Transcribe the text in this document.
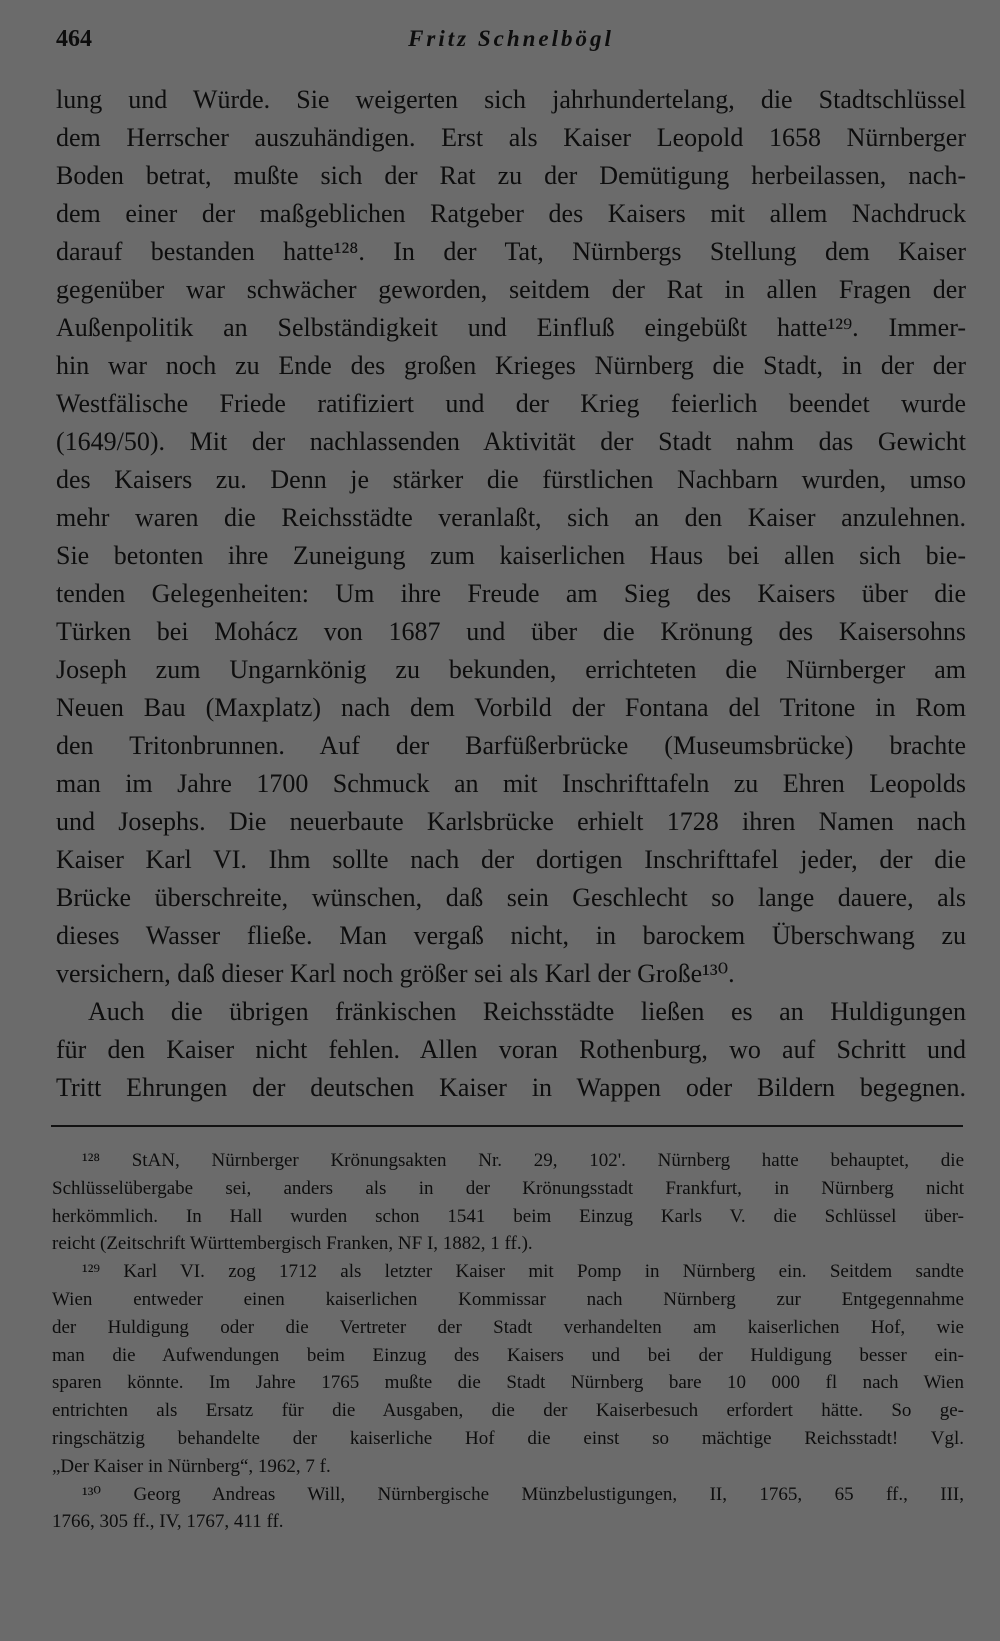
464	Fritz Schnelbögl
lung und Würde. Sie weigerten sich jahrhundertelang, die Stadtschlüssel
dem Herrscher auszuhändigen. Erst als Kaiser Leopold 1658 Nürnberger
Boden betrat, mußte sich der Rat zu der Demütigung herbeilassen, nach-
dem einer der maßgeblichen Ratgeber des Kaisers mit allem Nachdruck
darauf bestanden hatte¹²⁸. In der Tat, Nürnbergs Stellung dem Kaiser
gegenüber war schwächer geworden, seitdem der Rat in allen Fragen der
Außenpolitik an Selbständigkeit und Einfluß eingebüßt hatte¹²⁹. Immer-
hin war noch zu Ende des großen Krieges Nürnberg die Stadt, in der der
Westfälische Friede ratifiziert und der Krieg feierlich beendet wurde
(1649/50). Mit der nachlassenden Aktivität der Stadt nahm das Gewicht
des Kaisers zu. Denn je stärker die fürstlichen Nachbarn wurden, umso
mehr waren die Reichsstädte veranlaßt, sich an den Kaiser anzulehnen.
Sie betonten ihre Zuneigung zum kaiserlichen Haus bei allen sich bie-
tenden Gelegenheiten: Um ihre Freude am Sieg des Kaisers über die
Türken bei Mohácz von 1687 und über die Krönung des Kaisersohns
Joseph zum Ungarnkönig zu bekunden, errichteten die Nürnberger am
Neuen Bau (Maxplatz) nach dem Vorbild der Fontana del Tritone in Rom
den Tritonbrunnen. Auf der Barfüßerbrücke (Museumsbrücke) brachte
man im Jahre 1700 Schmuck an mit Inschrifttafeln zu Ehren Leopolds
und Josephs. Die neuerbaute Karlsbrücke erhielt 1728 ihren Namen nach
Kaiser Karl VI. Ihm sollte nach der dortigen Inschrifttafel jeder, der die
Brücke überschreite, wünschen, daß sein Geschlecht so lange dauere, als
dieses Wasser fließe. Man vergaß nicht, in barockem Überschwang zu
versichern, daß dieser Karl noch größer sei als Karl der Große¹³⁰.
Auch die übrigen fränkischen Reichsstädte ließen es an Huldigungen
für den Kaiser nicht fehlen. Allen voran Rothenburg, wo auf Schritt und
Tritt Ehrungen der deutschen Kaiser in Wappen oder Bildern begegnen.
¹²⁸ StAN, Nürnberger Krönungsakten Nr. 29, 102'. Nürnberg hatte behauptet, die
Schlüsselübergabe sei, anders als in der Krönungsstadt Frankfurt, in Nürnberg nicht
herkömmlich. In Hall wurden schon 1541 beim Einzug Karls V. die Schlüssel über-
reicht (Zeitschrift Württembergisch Franken, NF I, 1882, 1 ff.).
¹²⁹ Karl VI. zog 1712 als letzter Kaiser mit Pomp in Nürnberg ein. Seitdem sandte
Wien entweder einen kaiserlichen Kommissar nach Nürnberg zur Entgegennahme
der Huldigung oder die Vertreter der Stadt verhandelten am kaiserlichen Hof, wie
man die Aufwendungen beim Einzug des Kaisers und bei der Huldigung besser ein-
sparen könnte. Im Jahre 1765 mußte die Stadt Nürnberg bare 10 000 fl nach Wien
entrichten als Ersatz für die Ausgaben, die der Kaiserbesuch erfordert hätte. So ge-
ringschätzig behandelte der kaiserliche Hof die einst so mächtige Reichsstadt! Vgl.
„Der Kaiser in Nürnberg“, 1962, 7 f.
¹³⁰ Georg Andreas Will, Nürnbergische Münzbelustigungen, II, 1765, 65 ff., III,
1766, 305 ff., IV, 1767, 411 ff.
